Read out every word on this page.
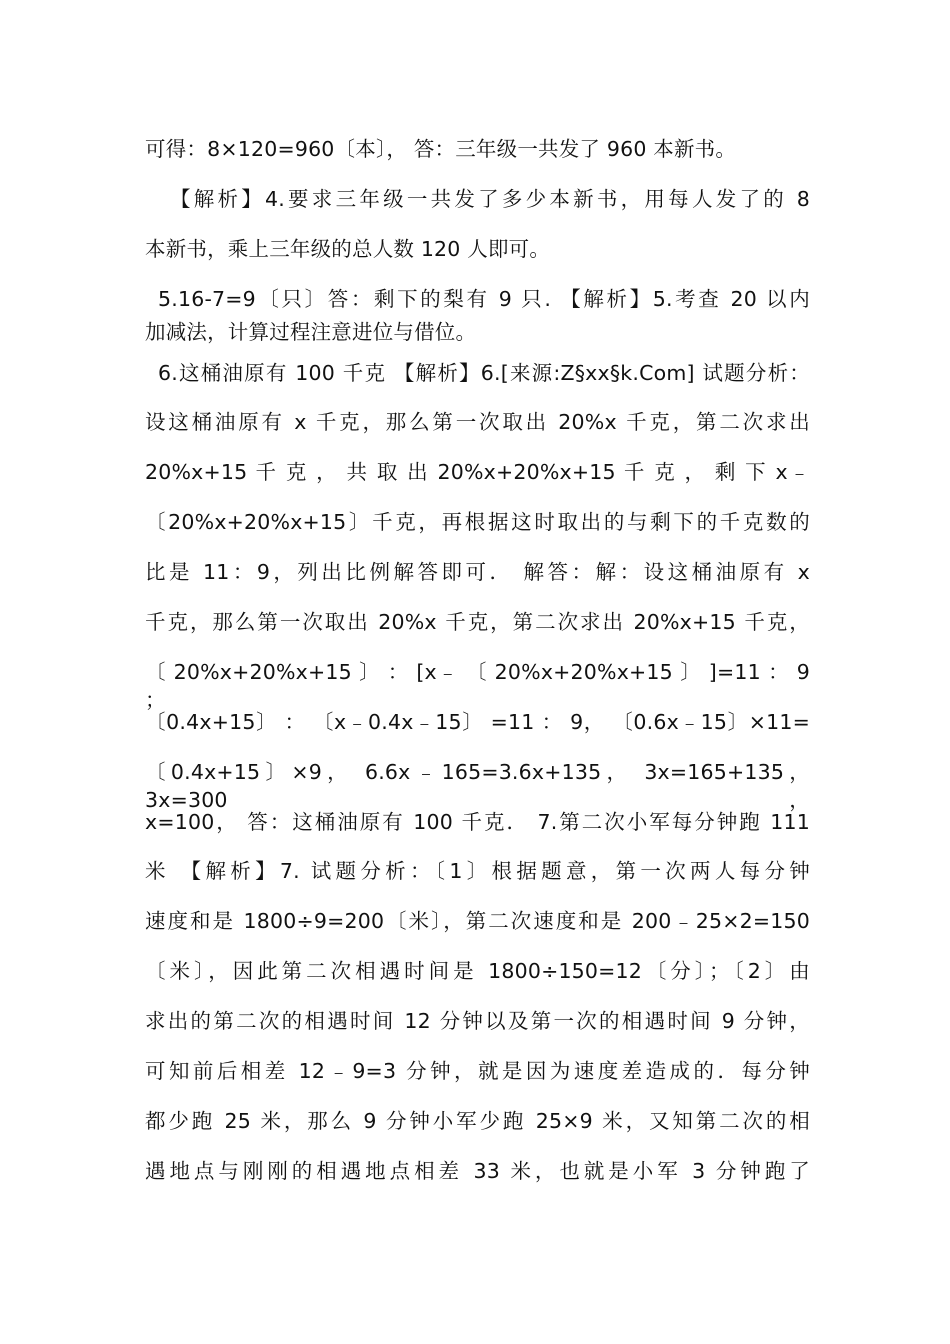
可得：8×120=960〔本〕， 答：三年级一共发了 960 本新书。
【解析】4.要求三年级一共发了多少本新书，用每人发了的 8
本新书，乘上三年级的总人数 120 人即可。
5.16-7=9〔只〕答：剩下的梨有 9 只. 【解析】5.考查 20 以内
加减法，计算过程注意进位与借位。
6.这桶油原有 100 千克 【解析】6.[来源:Z§xx§k.Com] 试题分析：
设这桶油原有 x 千克，那么第一次取出 20%x 千克，第二次求出
20%x+15 千 克 ， 共 取 出 20%x+20%x+15 千 克 ， 剩 下 x﹣
〔20%x+20%x+15〕千克，再根据这时取出的与剩下的千克数的
比是 11：9，列出比例解答即可． 解答：解：设这桶油原有 x
千克，那么第一次取出 20%x 千克，第二次求出 20%x+15 千克，
〔 20%x+20%x+15 〕 ： [x﹣ 〔 20%x+20%x+15 〕 ]=11 ： 9 ；
〔0.4x+15〕 ： 〔x﹣0.4x﹣15〕 =11 ： 9， 〔0.6x﹣15〕×11=
〔0.4x+15〕×9， 6.6x﹣165=3.6x+135， 3x=165+135， 3x=300，
x=100， 答：这桶油原有 100 千克． 7.第二次小军每分钟跑 111
米 【解析】7. 试题分析：〔1〕根据题意，第一次两人每分钟
速度和是 1800÷9=200〔米〕，第二次速度和是 200﹣25×2=150
〔米〕，因此第二次相遇时间是 1800÷150=12〔分〕；〔2〕由
求出的第二次的相遇时间 12 分钟以及第一次的相遇时间 9 分钟，
可知前后相差 12﹣9=3 分钟，就是因为速度差造成的．每分钟
都少跑 25 米，那么 9 分钟小军少跑 25×9 米，又知第二次的相
遇地点与刚刚的相遇地点相差 33 米，也就是小军 3 分钟跑了
